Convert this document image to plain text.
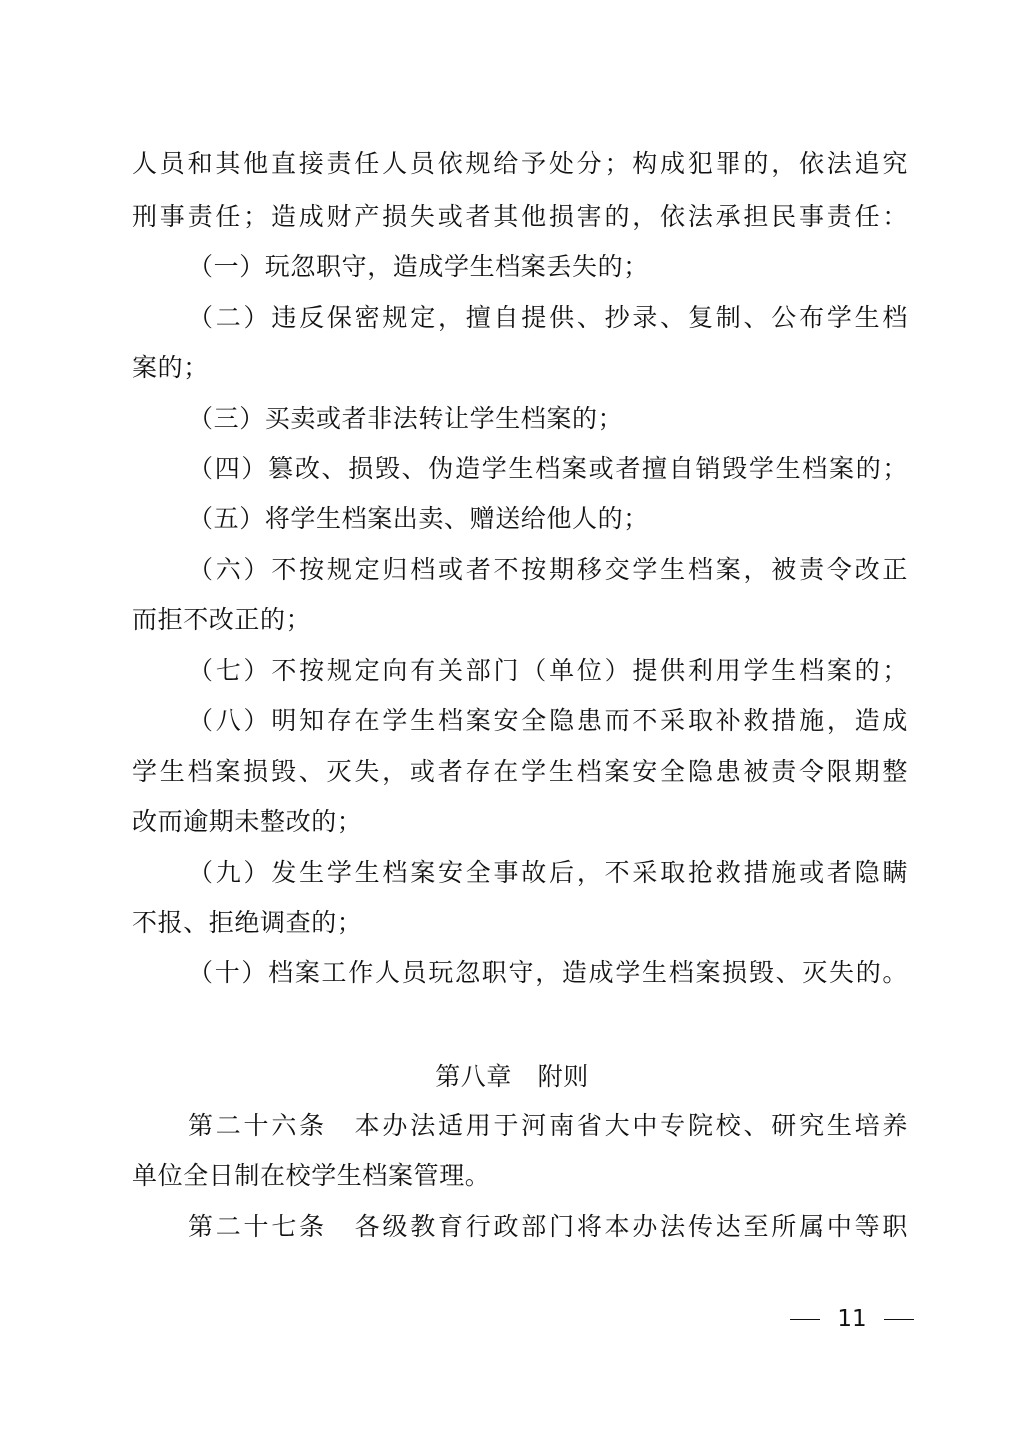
人员和其他直接责任人员依规给予处分；构成犯罪的，依法追究
刑事责任；造成财产损失或者其他损害的，依法承担民事责任：
（一）玩忽职守，造成学生档案丢失的；
（二）违反保密规定，擅自提供、抄录、复制、公布学生档
案的；
（三）买卖或者非法转让学生档案的；
（四）篡改、损毁、伪造学生档案或者擅自销毁学生档案的；
（五）将学生档案出卖、赠送给他人的；
（六）不按规定归档或者不按期移交学生档案，被责令改正
而拒不改正的；
（七）不按规定向有关部门（单位）提供利用学生档案的；
（八）明知存在学生档案安全隐患而不采取补救措施，造成
学生档案损毁、灭失，或者存在学生档案安全隐患被责令限期整
改而逾期未整改的；
（九）发生学生档案安全事故后，不采取抢救措施或者隐瞒
不报、拒绝调查的；
（十）档案工作人员玩忽职守，造成学生档案损毁、灭失的。
第八章　附则
第二十六条　本办法适用于河南省大中专院校、研究生培养
单位全日制在校学生档案管理。
第二十七条　各级教育行政部门将本办法传达至所属中等职
11
